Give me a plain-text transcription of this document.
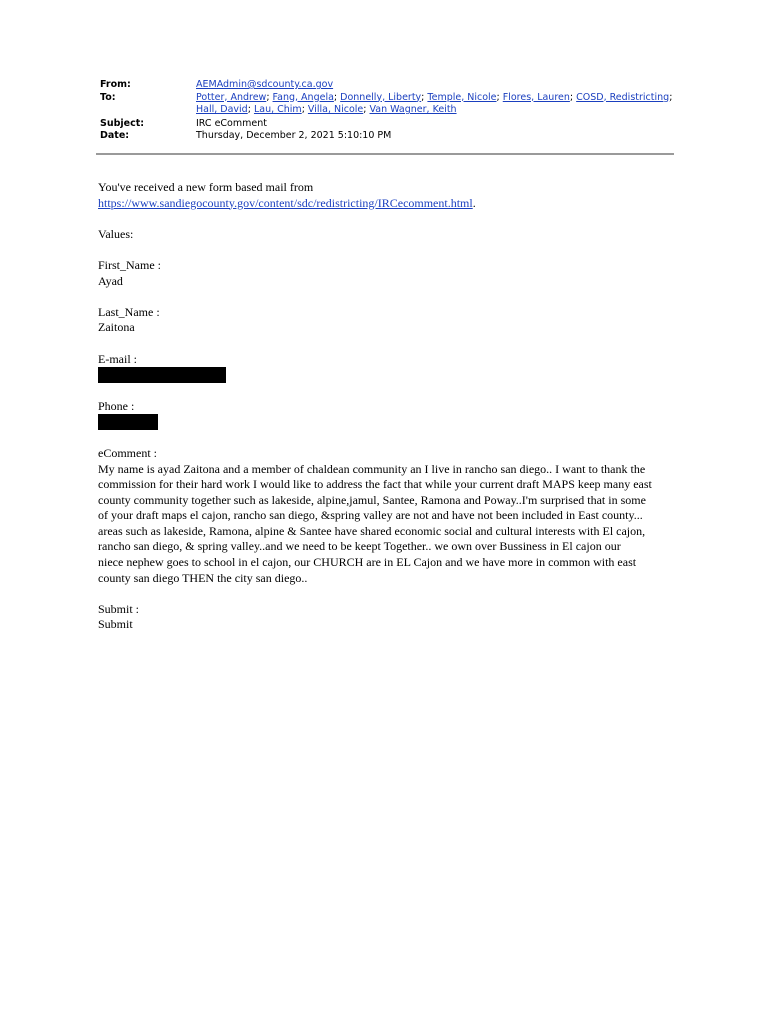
From:	AEMAdmin@sdcounty.ca.gov
To:	Potter, Andrew; Fang, Angela; Donnelly, Liberty; Temple, Nicole; Flores, Lauren; COSD, Redistricting; Hall, David; Lau, Chim; Villa, Nicole; Van Wagner, Keith
Subject:	IRC eComment
Date:	Thursday, December 2, 2021 5:10:10 PM
You've received a new form based mail from
https://www.sandiegocounty.gov/content/sdc/redistricting/IRCecomment.html.
Values:
First_Name :
Ayad
Last_Name :
Zaitona
E-mail :

Phone :

eComment :
My name is ayad Zaitona and a member of chaldean community an I live in rancho san diego.. I want to thank the
commission for their hard work I would like to address the fact that while your current draft MAPS keep many east
county community together such as lakeside, alpine,jamul, Santee, Ramona and Poway..I'm surprised that in some
of your draft maps el cajon, rancho san diego, &spring valley are not and have not been included in East county...
areas such as lakeside, Ramona, alpine & Santee have shared economic social and cultural interests with El cajon,
rancho san diego, & spring valley..and we need to be keept Together.. we own over Bussiness in El cajon our
niece nephew goes to school in el cajon, our CHURCH are in EL Cajon and we have more in common with east
county san diego THEN the city san diego..
Submit :
Submit
